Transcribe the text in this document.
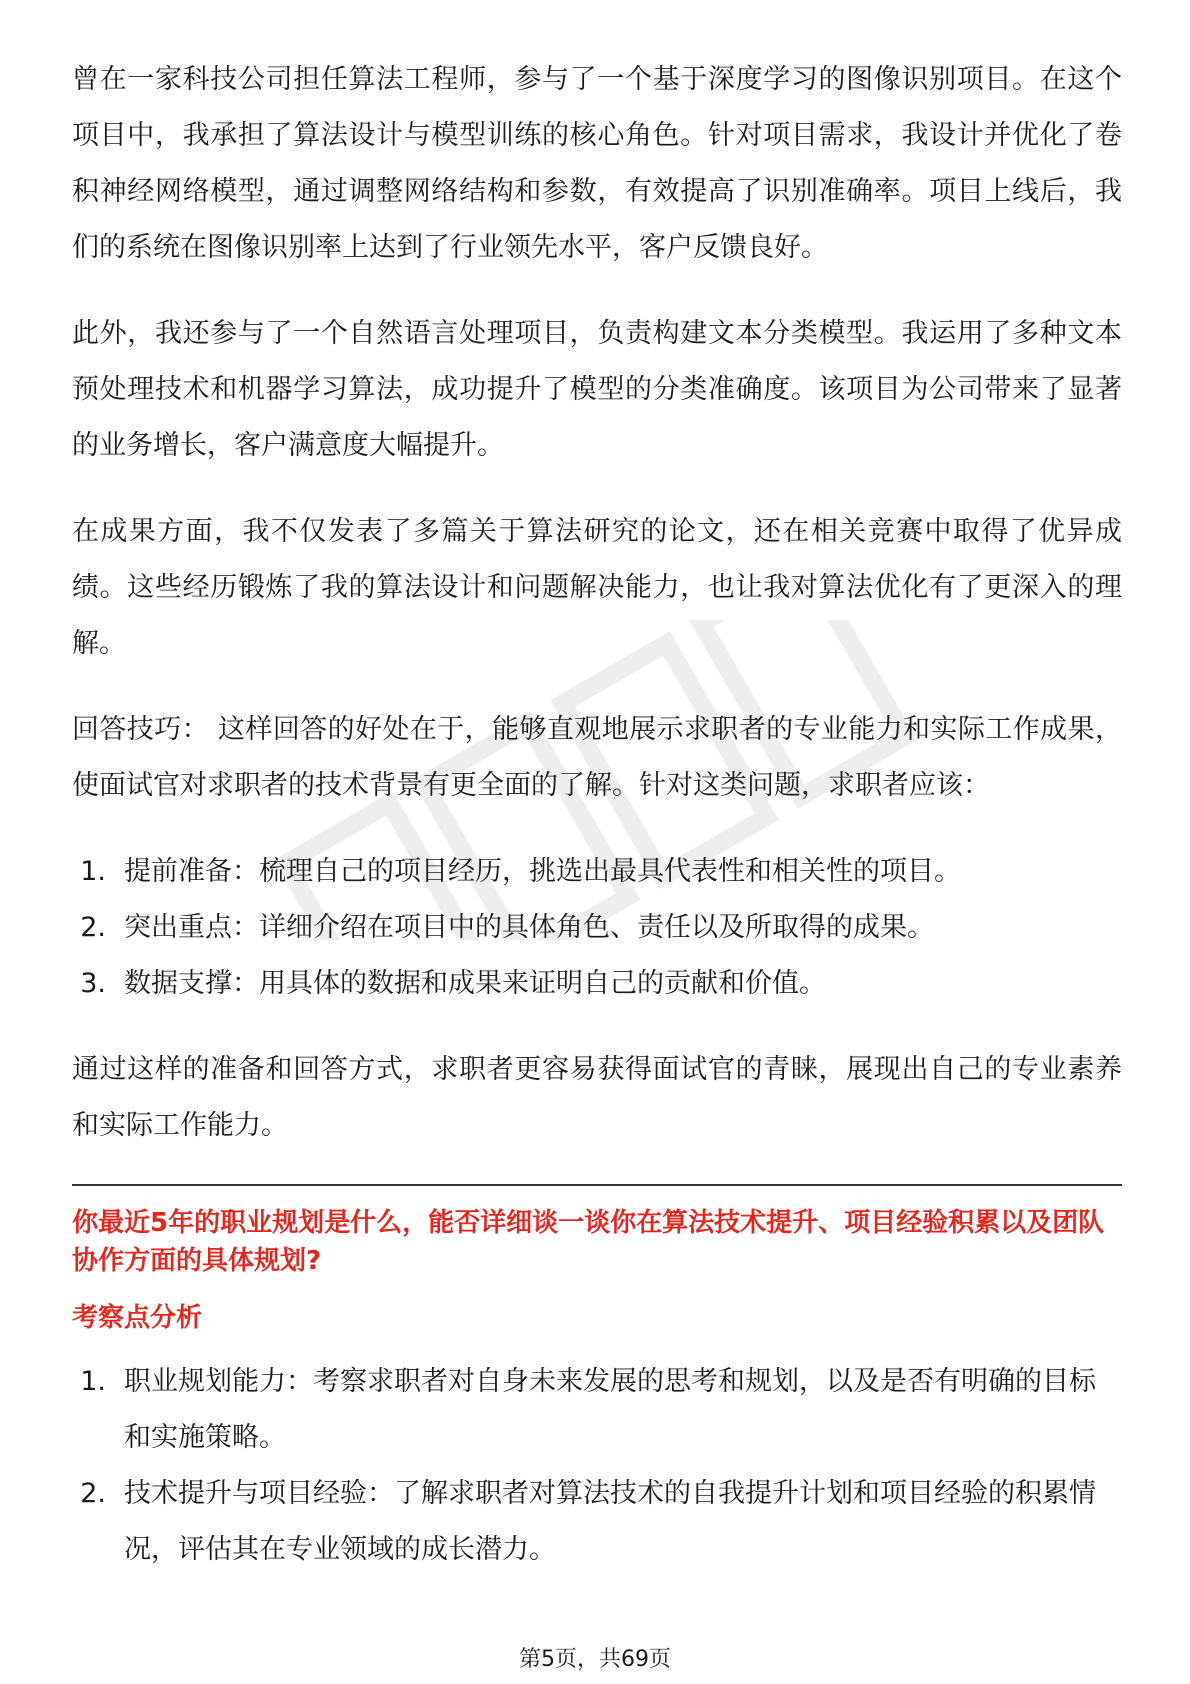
曾在一家科技公司担任算法工程师，参与了一个基于深度学习的图像识别项目。在这个项目中，我承担了算法设计与模型训练的核心角色。针对项目需求，我设计并优化了卷积神经网络模型，通过调整网络结构和参数，有效提高了识别准确率。项目上线后，我们的系统在图像识别率上达到了行业领先水平，客户反馈良好。

此外，我还参与了一个自然语言处理项目，负责构建文本分类模型。我运用了多种文本预处理技术和机器学习算法，成功提升了模型的分类准确度。该项目为公司带来了显著的业务增长，客户满意度大幅提升。

在成果方面，我不仅发表了多篇关于算法研究的论文，还在相关竞赛中取得了优异成绩。这些经历锻炼了我的算法设计和问题解决能力，也让我对算法优化有了更深入的理解。

回答技巧： 这样回答的好处在于，能够直观地展示求职者的专业能力和实际工作成果，使面试官对求职者的技术背景有更全面的了解。针对这类问题，求职者应该：

1. 提前准备：梳理自己的项目经历，挑选出最具代表性和相关性的项目。
2. 突出重点：详细介绍在项目中的具体角色、责任以及所取得的成果。
3. 数据支撑：用具体的数据和成果来证明自己的贡献和价值。

通过这样的准备和回答方式，求职者更容易获得面试官的青睐，展现出自己的专业素养和实际工作能力。

你最近5年的职业规划是什么，能否详细谈一谈你在算法技术提升、项目经验积累以及团队协作方面的具体规划?

考察点分析

1. 职业规划能力：考察求职者对自身未来发展的思考和规划，以及是否有明确的目标和实施策略。
2. 技术提升与项目经验：了解求职者对算法技术的自我提升计划和项目经验的积累情况，评估其在专业领域的成长潜力。
第5页，共69页
